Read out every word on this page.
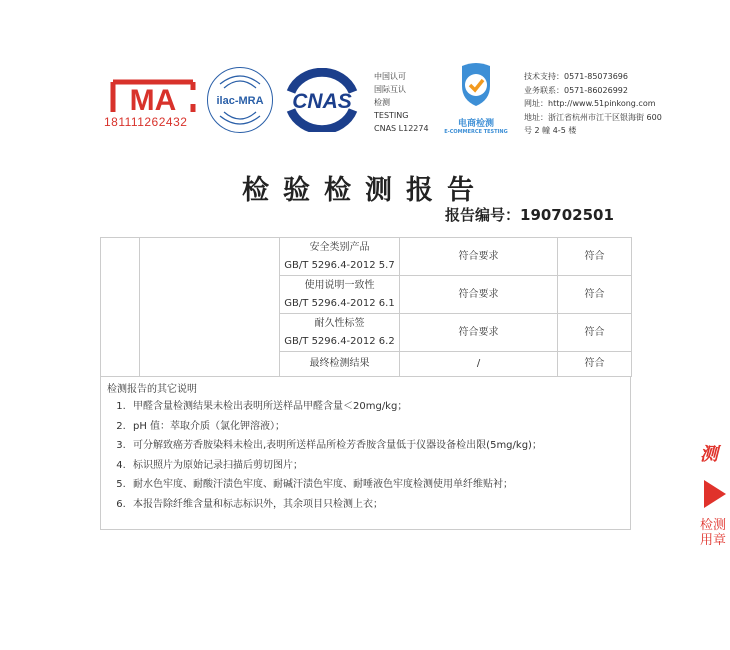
MA
181111262432
ilac-MRA CNAS
中国认可
国际互认
检测
TESTING
CNAS L12274	电商检测
E-COMMERCE TESTING
技术支持：0571-85073696
业务联系：0571-86026992
网址：http://www.51pinkong.com
地址：浙江省杭州市江干区银海街 600
号 2 幢 4-5 楼
检验检测报告
报告编号：190702501

		安全类别产品
GB/T 5296.4-2012 5.7	符合要求	符合

		使用说明一致性
GB/T 5296.4-2012 6.1	符合要求	符合

		耐久性标签
GB/T 5296.4-2012 6.2	符合要求	符合
		最终检测结果	/	符合
检测报告的其它说明
1. 甲醛含量检测结果未检出表明所送样品甲醛含量＜20mg/kg；
2. pH 值：萃取介质（氯化钾溶液）；
3. 可分解致癌芳香胺染料未检出,表明所送样品所检芳香胺含量低于仪器设备检出限(5mg/kg)；
4. 标识照片为原始记录扫描后剪切图片；
5. 耐水色牢度、耐酸汗渍色牢度、耐碱汗渍色牢度、耐唾液色牢度检测使用单纤维贴衬；
6. 本报告除纤维含量和标志标识外，其余项目只检测上衣；
测
检测
用章
